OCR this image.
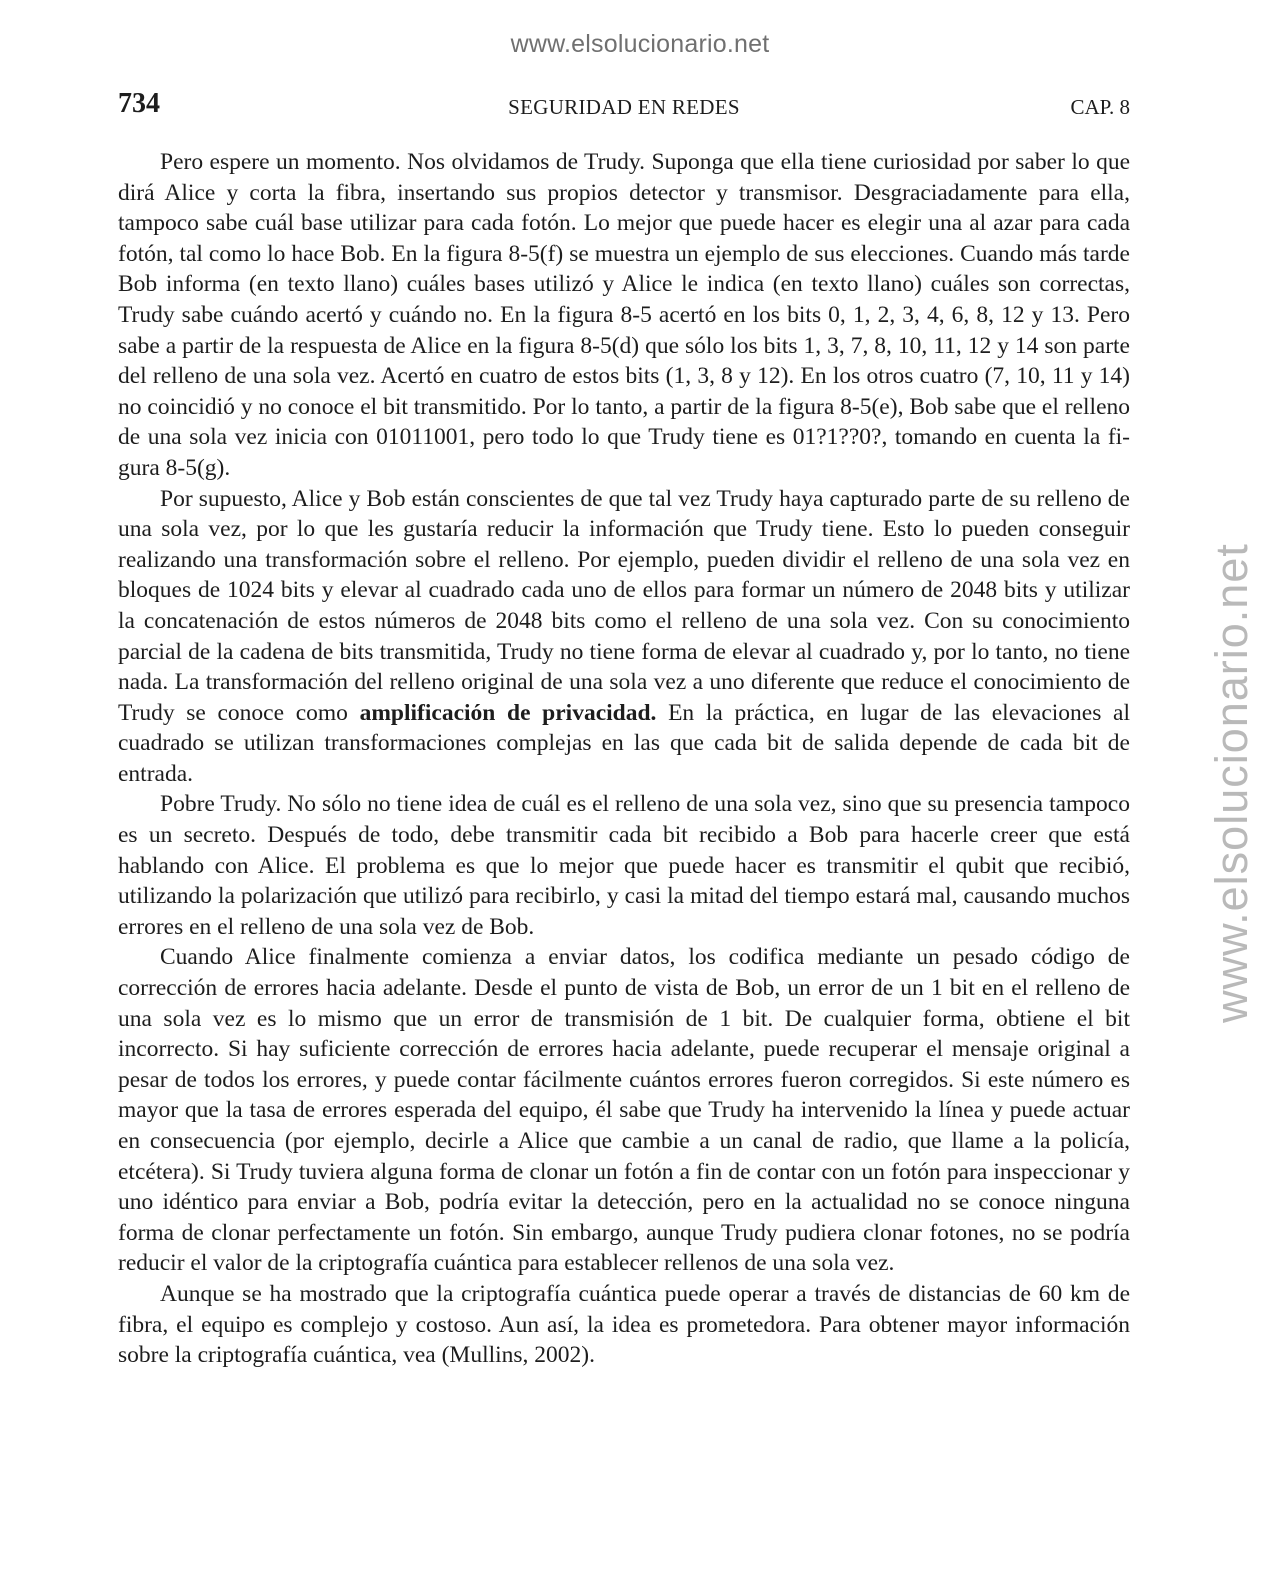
www.elsolucionario.net
www.elsolucionario.net
734	SEGURIDAD EN REDES	CAP. 8

Pero espere un momento. Nos olvidamos de Trudy. Suponga que ella tiene curiosidad por saber lo que dirá Alice y corta la fibra, insertando sus propios detector y transmisor. Desgraciadamente para ella, tampoco sabe cuál base utilizar para cada fotón. Lo mejor que puede hacer es elegir una al azar para cada fotón, tal como lo hace Bob. En la figura 8-5(f) se muestra un ejemplo de sus elecciones. Cuando más tarde Bob informa (en texto llano) cuáles bases utilizó y Alice le indica (en texto llano) cuáles son correctas, Trudy sabe cuándo acertó y cuándo no. En la figura 8-5 acertó en los bits 0, 1, 2, 3, 4, 6, 8, 12 y 13. Pero sabe a partir de la respuesta de Alice en la figura 8-5(d) que sólo los bits 1, 3, 7, 8, 10, 11, 12 y 14 son parte del relleno de una sola vez. Acertó en cuatro de estos bits (1, 3, 8 y 12). En los otros cuatro (7, 10, 11 y 14) no coincidió y no conoce el bit transmitido. Por lo tanto, a partir de la figura 8-5(e), Bob sabe que el relleno de una sola vez inicia con 01011001, pero todo lo que Trudy tiene es 01?1??0?, tomando en cuenta la figura 8-5(g).

Por supuesto, Alice y Bob están conscientes de que tal vez Trudy haya capturado parte de su relleno de una sola vez, por lo que les gustaría reducir la información que Trudy tiene. Esto lo pueden conseguir realizando una transformación sobre el relleno. Por ejemplo, pueden dividir el relleno de una sola vez en bloques de 1024 bits y elevar al cuadrado cada uno de ellos para formar un número de 2048 bits y utilizar la concatenación de estos números de 2048 bits como el relleno de una sola vez. Con su conocimiento parcial de la cadena de bits transmitida, Trudy no tiene forma de elevar al cuadrado y, por lo tanto, no tiene nada. La transformación del relleno original de una sola vez a uno diferente que reduce el conocimiento de Trudy se conoce como amplificación de privacidad. En la práctica, en lugar de las elevaciones al cuadrado se utilizan transformaciones complejas en las que cada bit de salida depende de cada bit de entrada.

Pobre Trudy. No sólo no tiene idea de cuál es el relleno de una sola vez, sino que su presencia tampoco es un secreto. Después de todo, debe transmitir cada bit recibido a Bob para hacerle creer que está hablando con Alice. El problema es que lo mejor que puede hacer es transmitir el qubit que recibió, utilizando la polarización que utilizó para recibirlo, y casi la mitad del tiempo estará mal, causando muchos errores en el relleno de una sola vez de Bob.

Cuando Alice finalmente comienza a enviar datos, los codifica mediante un pesado código de corrección de errores hacia adelante. Desde el punto de vista de Bob, un error de un 1 bit en el relleno de una sola vez es lo mismo que un error de transmisión de 1 bit. De cualquier forma, obtiene el bit incorrecto. Si hay suficiente corrección de errores hacia adelante, puede recuperar el mensaje original a pesar de todos los errores, y puede contar fácilmente cuántos errores fueron corregidos. Si este número es mayor que la tasa de errores esperada del equipo, él sabe que Trudy ha intervenido la línea y puede actuar en consecuencia (por ejemplo, decirle a Alice que cambie a un canal de radio, que llame a la policía, etcétera). Si Trudy tuviera alguna forma de clonar un fotón a fin de contar con un fotón para inspeccionar y uno idéntico para enviar a Bob, podría evitar la detección, pero en la actualidad no se conoce ninguna forma de clonar perfectamente un fotón. Sin embargo, aunque Trudy pudiera clonar fotones, no se podría reducir el valor de la criptografía cuántica para establecer rellenos de una sola vez.

Aunque se ha mostrado que la criptografía cuántica puede operar a través de distancias de 60 km de fibra, el equipo es complejo y costoso. Aun así, la idea es prometedora. Para obtener mayor información sobre la criptografía cuántica, vea (Mullins, 2002).
